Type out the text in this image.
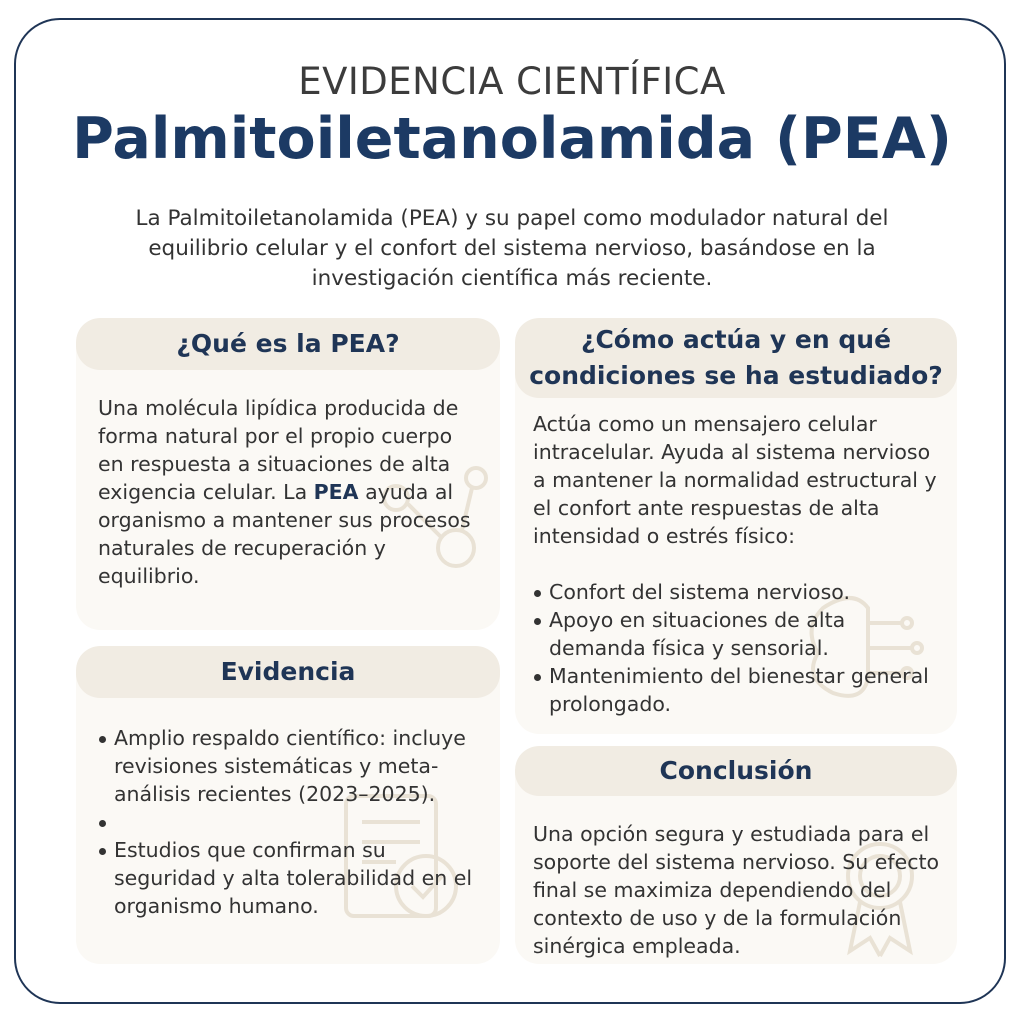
EVIDENCIA CIENTÍFICA
Palmitoiletanolamida (PEA)
La Palmitoiletanolamida (PEA) y su papel como modulador natural del equilibrio celular y el confort del sistema nervioso, basándose en la investigación científica más reciente.
¿Qué es la PEA?
Una molécula lipídica producida de forma natural por el propio cuerpo en respuesta a situaciones de alta exigencia celular. La PEA ayuda al organismo a mantener sus procesos naturales de recuperación y equilibrio.
Evidencia
Amplio respaldo científico: incluye revisiones sistemáticas y meta-análisis recientes (2023–2025).
Estudios que confirman su seguridad y alta tolerabilidad en el organismo humano.
¿Cómo actúa y en qué condiciones se ha estudiado?
Actúa como un mensajero celular intracelular. Ayuda al sistema nervioso a mantener la normalidad estructural y el confort ante respuestas de alta intensidad o estrés físico:
Confort del sistema nervioso.
Apoyo en situaciones de alta demanda física y sensorial.
Mantenimiento del bienestar general prolongado.
Conclusión
Una opción segura y estudiada para el soporte del sistema nervioso. Su efecto final se maximiza dependiendo del contexto de uso y de la formulación sinérgica empleada.
